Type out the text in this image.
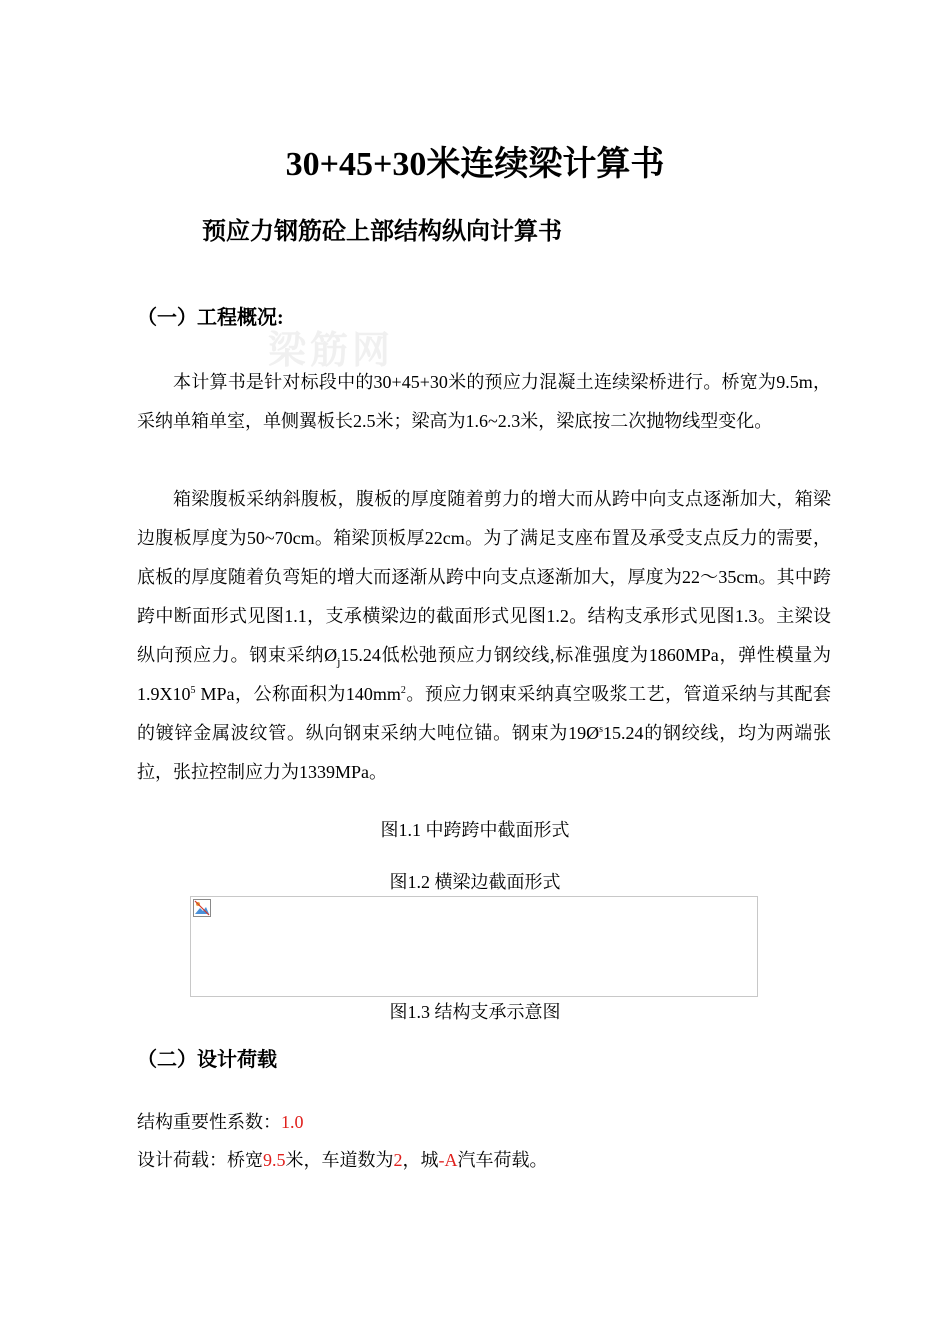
30+45+30米连续梁计算书
预应力钢筋砼上部结构纵向计算书
梁筋网
（一）工程概况:

本计算书是针对标段中的30+45+30米的预应力混凝土连续梁桥进行。桥宽为9.5m，采纳单箱单室，单侧翼板长2.5米；梁高为1.6~2.3米，梁底按二次抛物线型变化。

箱梁腹板采纳斜腹板，腹板的厚度随着剪力的增大而从跨中向支点逐渐加大，箱梁边腹板厚度为50~70cm。箱梁顶板厚22cm。为了满足支座布置及承受支点反力的需要，底板的厚度随着负弯矩的增大而逐渐从跨中向支点逐渐加大，厚度为22～35cm。其中跨跨中断面形式见图1.1，支承横梁边的截面形式见图1.2。结构支承形式见图1.3。主梁设纵向预应力。钢束采纳$Ø_j15.24$低松弛预应力钢绞线,标准强度为1860MPa，弹性模量为$1.9X10^5$ MPa，公称面积为$140mm^2$。预应力钢束采纳真空吸浆工艺，管道采纳与其配套的镀锌金属波纹管。纵向钢束采纳大吨位锚。钢束为$19Ø^s15.24$的钢绞线，均为两端张拉，张拉控制应力为1339MPa。

图1.1 中跨跨中截面形式

图1.2 横梁边截面形式

图1.3 结构支承示意图

（二）设计荷载

结构重要性系数：1.0

设计荷载：桥宽9.5米，车道数为2，城-A汽车荷载。
